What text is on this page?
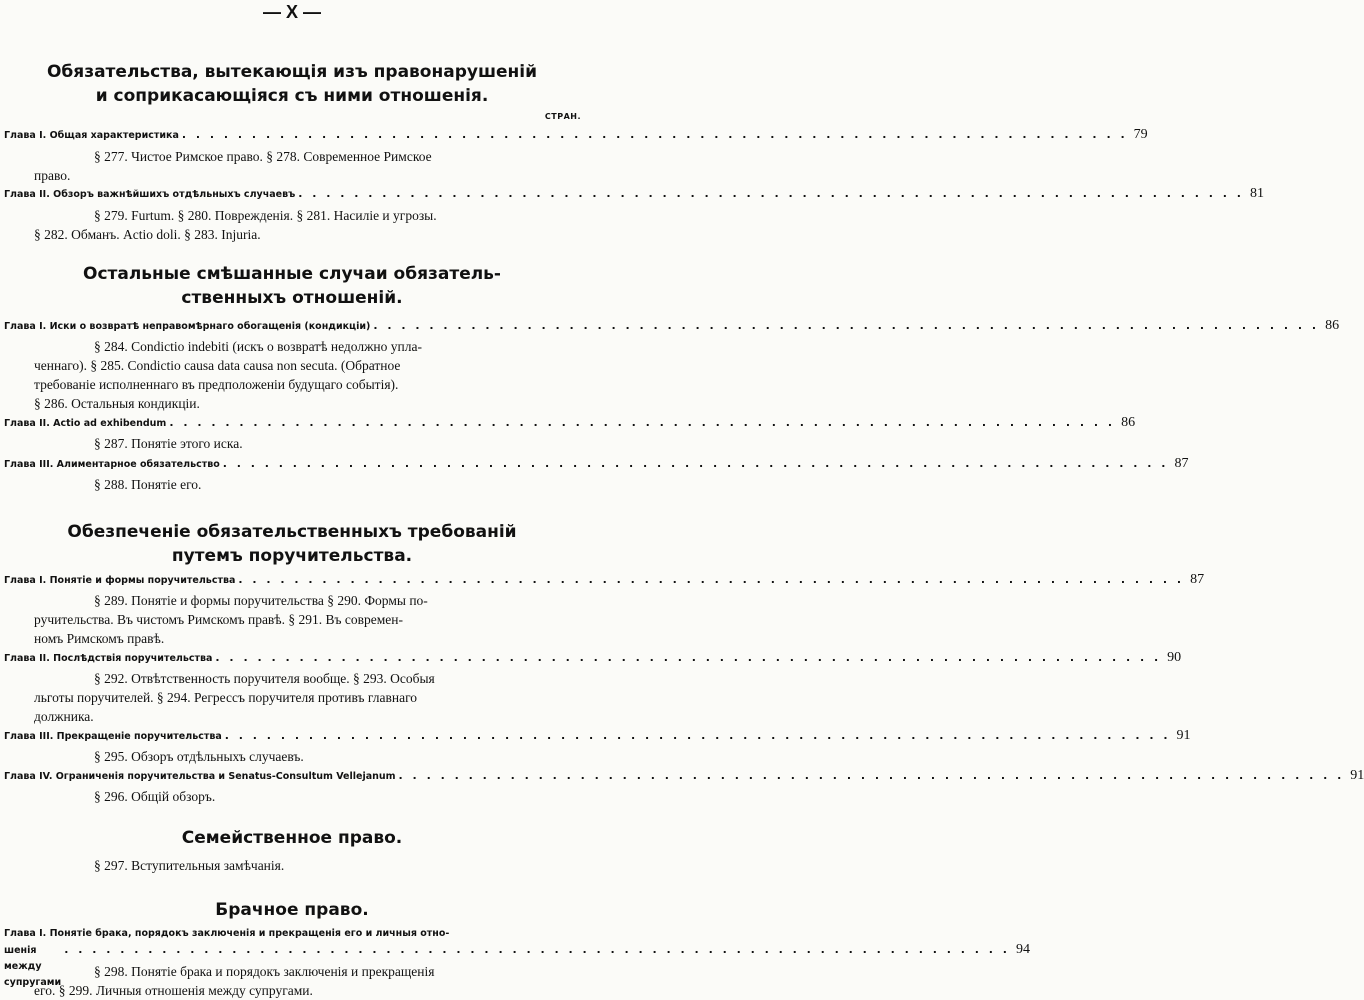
— X —
Обязательства, вытекающія изъ правонарушеній
и соприкасающіяся съ ними отношенія.
СТРАН.
Глава I. Общая характеристика . . . . . . . . . . . . . . . . . . . . . . . . . . . . . . . . . . . . . . . . . . . . . . . . . . . . . . . . . . . . . . . . . . . . 79

§ 277. Чистое Римское право. § 278. Современное Римское

право.

Глава II. Обзоръ важнѣйшихъ отдѣльныхъ случаевъ . . . . . . . . . . . . . . . . . . . . . . . . . . . . . . . . . . . . . . . . . . . . . . . . . . . . . . . . . . . . . . . . . . . . 81

§ 279. Furtum. § 280. Поврежденія. § 281. Насиліе и угрозы.

§ 282. Обманъ. Actio doli. § 283. Injuria.

Остальные смѣшанные случаи обязатель-
ственныхъ отношеній.
Глава I. Иски о возвратѣ неправомѣрнаго обогащенія (кондикціи) . . . . . . . . . . . . . . . . . . . . . . . . . . . . . . . . . . . . . . . . . . . . . . . . . . . . . . . . . . . . . . . . . . . . 86

§ 284. Condictio indebiti (искъ о возвратѣ недолжно упла-

ченнаго). § 285. Condictio causa data causa non secuta. (Обратное

требованіе исполненнаго въ предположеніи будущаго событія).

§ 286. Остальныя кондикціи.

Глава II. Actio ad exhibendum . . . . . . . . . . . . . . . . . . . . . . . . . . . . . . . . . . . . . . . . . . . . . . . . . . . . . . . . . . . . . . . . . . . . 86

§ 287. Понятіе этого иска.

Глава III. Алиментарное обязательство . . . . . . . . . . . . . . . . . . . . . . . . . . . . . . . . . . . . . . . . . . . . . . . . . . . . . . . . . . . . . . . . . . . . 87

§ 288. Понятіе его.

Обезпеченіе обязательственныхъ требованій
путемъ поручительства.
Глава I. Понятіе и формы поручительства . . . . . . . . . . . . . . . . . . . . . . . . . . . . . . . . . . . . . . . . . . . . . . . . . . . . . . . . . . . . . . . . . . . . 87

§ 289. Понятіе и формы поручительства § 290. Формы по-

ручительства. Въ чистомъ Римскомъ правѣ. § 291. Въ современ-

номъ Римскомъ правѣ.

Глава II. Послѣдствія поручительства . . . . . . . . . . . . . . . . . . . . . . . . . . . . . . . . . . . . . . . . . . . . . . . . . . . . . . . . . . . . . . . . . . . . 90

§ 292. Отвѣтственность поручителя вообще. § 293. Особыя

льготы поручителей. § 294. Регрессъ поручителя противъ главнаго

должника.

Глава III. Прекращеніе поручительства . . . . . . . . . . . . . . . . . . . . . . . . . . . . . . . . . . . . . . . . . . . . . . . . . . . . . . . . . . . . . . . . . . . . 91

§ 295. Обзоръ отдѣльныхъ случаевъ.

Глава IV. Ограниченія поручительства и Senatus-Consultum Vellejanum . . . . . . . . . . . . . . . . . . . . . . . . . . . . . . . . . . . . . . . . . . . . . . . . . . . . . . . . . . . . . . . . . . . . 91

§ 296. Общій обзоръ.

Семейственное право.

§ 297. Вступительныя замѣчанія.

Брачное право.
Глава I. Понятіе брака, порядокъ заключенія и прекращенія его и личныя отно-
шенія между супругами
. . . . . . . . . . . . . . . . . . . . . . . . . . . . . . . . . . . . . . . . . . . . . . . . . . . . . . . . . . . . . . . . . . . . 94

§ 298. Понятіе брака и порядокъ заключенія и прекращенія

его. § 299. Личныя отношенія между супругами.
